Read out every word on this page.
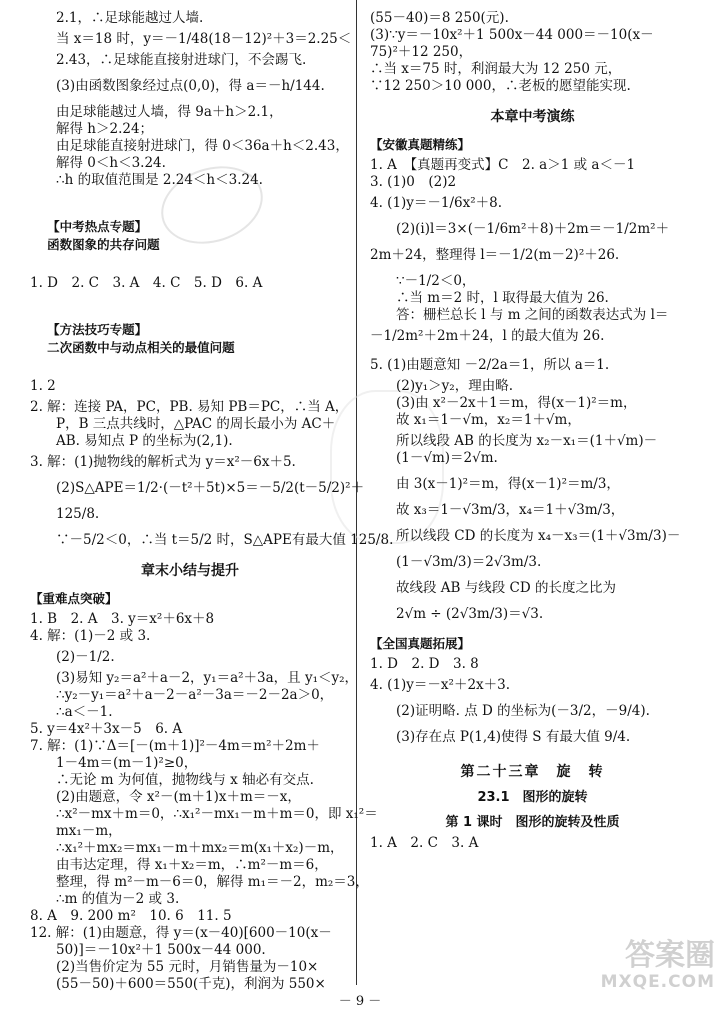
2.1，∴足球能越过人墙.
当 x＝18 时，y＝－1/48(18－12)²＋3＝2.25＜
2.43，∴足球能直接射进球门，不会踢飞.
(3)由函数图象经过点(0,0)，得 a＝－h/144.
由足球能越过人墙，得 9a＋h＞2.1，
解得 h＞2.24；
由足球能直接射进球门，得 0＜36a＋h＜2.43，
解得 0＜h＜3.24.
∴h 的取值范围是 2.24＜h＜3.24.

【中考热点专题】
函数图象的共存问题

1. D　2. C　3. A　4. C　5. D　6. A

【方法技巧专题】
二次函数中与动点相关的最值问题

1. 2
2. 解：连接 PA，PC，PB. 易知 PB＝PC，∴当 A，
P，B 三点共线时，△PAC 的周长最小为 AC＋
AB. 易知点 P 的坐标为(2,1).
3. 解：(1)抛物线的解析式为 y＝x²－6x＋5.
(2)S△APE＝1/2·(－t²＋5t)×5＝－5/2(t－5/2)²＋
125/8.
∵－5/2＜0，∴当 t＝5/2 时，S△APE有最大值 125/8.
章末小结与提升
【重难点突破】
1. B　2. A　3. y＝x²＋6x＋8
4. 解：(1)－2 或 3.
(2)－1/2.
(3)易知 y₂＝a²＋a－2，y₁＝a²＋3a，且 y₁＜y₂，
∴y₂－y₁＝a²＋a－2－a²－3a＝－2－2a＞0，
∴a＜－1.
5. y＝4x²＋3x－5　6. A
7. 解：(1)∵Δ＝[－(m＋1)]²－4m＝m²＋2m＋
1－4m＝(m－1)²≥0，
∴无论 m 为何值，抛物线与 x 轴必有交点.
(2)由题意，令 x²－(m＋1)x＋m＝－x，
∴x²－mx＋m＝0，∴x₁²－mx₁－m＋m＝0，即 x₁²＝
mx₁－m，
∴x₁²＋mx₂＝mx₁－m＋mx₂＝m(x₁＋x₂)－m，
由韦达定理，得 x₁＋x₂＝m，∴m²－m＝6，
整理，得 m²－m－6＝0，解得 m₁＝－2，m₂＝3，
∴m 的值为－2 或 3.
8. A　9. 200 m²　10. 6　11. 5
12. 解：(1)由题意，得 y＝(x－40)[600－10(x－
50)]＝－10x²＋1 500x－44 000.
(2)当售价定为 55 元时，月销售量为－10×
(55－50)＋600＝550(千克)，利润为 550×
(55－40)＝8 250(元).
(3)∵y＝－10x²＋1 500x－44 000＝－10(x－
75)²＋12 250，
∴当 x＝75 时，利润最大为 12 250 元，
∵12 250＞10 000，∴老板的愿望能实现.
本章中考演练
【安徽真题精练】
1. A　【真题再变式】C　2. a＞1 或 a＜－1
3. (1)0　(2)2
4. (1)y＝－1/6x²＋8.
(2)(i)l＝3×(－1/6m²＋8)＋2m＝－1/2m²＋
2m＋24，整理得 l＝－1/2(m－2)²＋26.
∵－1/2＜0，
∴当 m＝2 时，l 取得最大值为 26.
答：栅栏总长 l 与 m 之间的函数表达式为 l＝
－1/2m²＋2m＋24，l 的最大值为 26.
5. (1)由题意知 －2/2a＝1，所以 a＝1.
(2)y₁＞y₂，理由略.
(3)由 x²－2x＋1＝m，得(x－1)²＝m，
故 x₁＝1－√m，x₂＝1＋√m，
所以线段 AB 的长度为 x₂－x₁＝(1＋√m)－
(1－√m)＝2√m.
由 3(x－1)²＝m，得(x－1)²＝m/3，
故 x₃＝1－√3m/3，x₄＝1＋√3m/3，
所以线段 CD 的长度为 x₄－x₃＝(1＋√3m/3)－
(1－√3m/3)＝2√3m/3.
故线段 AB 与线段 CD 的长度之比为
2√m ÷ (2√3m/3)＝√3.
【全国真题拓展】
1. D　2. D　3. 8
4. (1)y＝－x²＋2x＋3.
(2)证明略. 点 D 的坐标为(－3/2，－9/4).
(3)存在点 P(1,4)使得 S 有最大值 9/4.
第二十三章　旋　转
23.1　图形的旋转
第 1 课时　图形的旋转及性质
1. A　2. C　3. A
－ 9 －
答案圈
MXQE.COM
